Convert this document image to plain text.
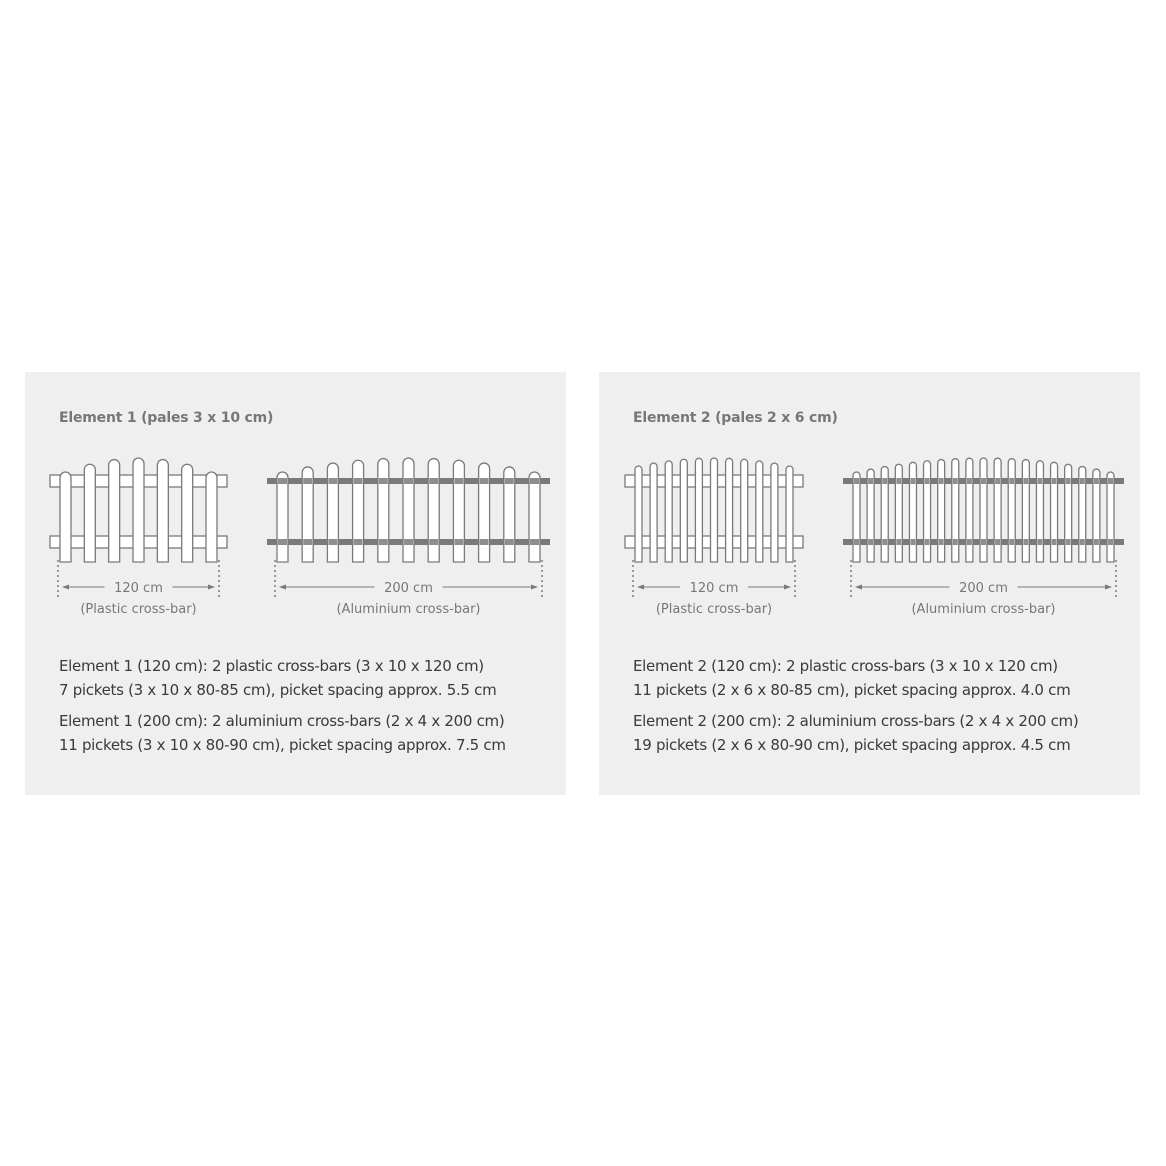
Element 1 (pales 3 x 10 cm)
120 cm
(Plastic cross-bar)
200 cm
(Aluminium cross-bar)

Element 1 (120 cm): 2 plastic cross-bars (3 x 10 x 120 cm)

7 pickets (3 x 10 x 80-85 cm), picket spacing approx. 5.5 cm

Element 1 (200 cm): 2 aluminium cross-bars (2 x 4 x 200 cm)

11 pickets (3 x 10 x 80-90 cm), picket spacing approx. 7.5 cm

Element 2 (pales 2 x 6 cm)
120 cm
(Plastic cross-bar)
200 cm
(Aluminium cross-bar)

Element 2 (120 cm): 2 plastic cross-bars (3 x 10 x 120 cm)

11 pickets (2 x 6 x 80-85 cm), picket spacing approx. 4.0 cm

Element 2 (200 cm): 2 aluminium cross-bars (2 x 4 x 200 cm)

19 pickets (2 x 6 x 80-90 cm), picket spacing approx. 4.5 cm
